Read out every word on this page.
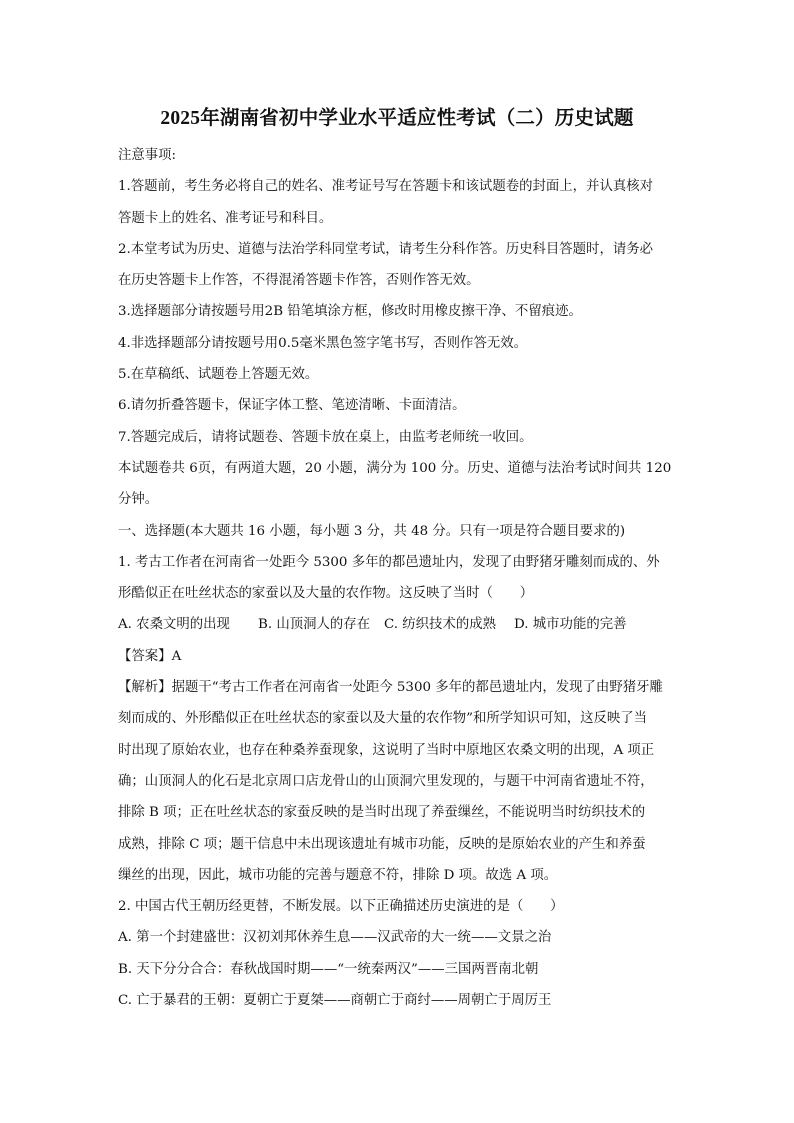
2025年湖南省初中学业水平适应性考试（二）历史试题
注意事项:
1.答题前，考生务必将自己的姓名、准考证号写在答题卡和该试题卷的封面上，并认真核对
答题卡上的姓名、准考证号和科目。
2.本堂考试为历史、道德与法治学科同堂考试，请考生分科作答。历史科目答题时，请务必
在历史答题卡上作答，不得混淆答题卡作答，否则作答无效。
3.选择题部分请按题号用2B 铅笔填涂方框，修改时用橡皮擦干净、不留痕迹。
4.非选择题部分请按题号用0.5毫米黑色签字笔书写，否则作答无效。
5.在草稿纸、试题卷上答题无效。
6.请勿折叠答题卡，保证字体工整、笔迹清晰、卡面清洁。
7.答题完成后，请将试题卷、答题卡放在桌上，由监考老师统一收回。
本试题卷共 6页，有两道大题，20 小题，满分为 100 分。历史、道德与法治考试时间共 120
分钟。
一、选择题(本大题共 16 小题，每小题 3 分，共 48 分。只有一项是符合题目要求的)
1. 考古工作者在河南省一处距今 5300 多年的都邑遗址内，发现了由野猪牙雕刻而成的、外
形酷似正在吐丝状态的家蚕以及大量的农作物。这反映了当时（　　）
A. 农桑文明的出现 B. 山顶洞人的存在 C. 纺织技术的成熟 D. 城市功能的完善
【答案】A
【解析】据题干“考古工作者在河南省一处距今 5300 多年的都邑遗址内，发现了由野猪牙雕
刻而成的、外形酷似正在吐丝状态的家蚕以及大量的农作物”和所学知识可知，这反映了当
时出现了原始农业，也存在种桑养蚕现象，这说明了当时中原地区农桑文明的出现，A 项正
确；山顶洞人的化石是北京周口店龙骨山的山顶洞穴里发现的，与题干中河南省遗址不符，
排除 B 项；正在吐丝状态的家蚕反映的是当时出现了养蚕缫丝，不能说明当时纺织技术的
成熟，排除 C 项；题干信息中未出现该遗址有城市功能，反映的是原始农业的产生和养蚕
缫丝的出现，因此，城市功能的完善与题意不符，排除 D 项。故选 A 项。
2. 中国古代王朝历经更替，不断发展。以下正确描述历史演进的是（　　）
A. 第一个封建盛世：汉初刘邦休养生息——汉武帝的大一统——文景之治
B. 天下分分合合：春秋战国时期——“一统秦两汉”——三国两晋南北朝
C. 亡于暴君的王朝：夏朝亡于夏桀——商朝亡于商纣——周朝亡于周厉王
